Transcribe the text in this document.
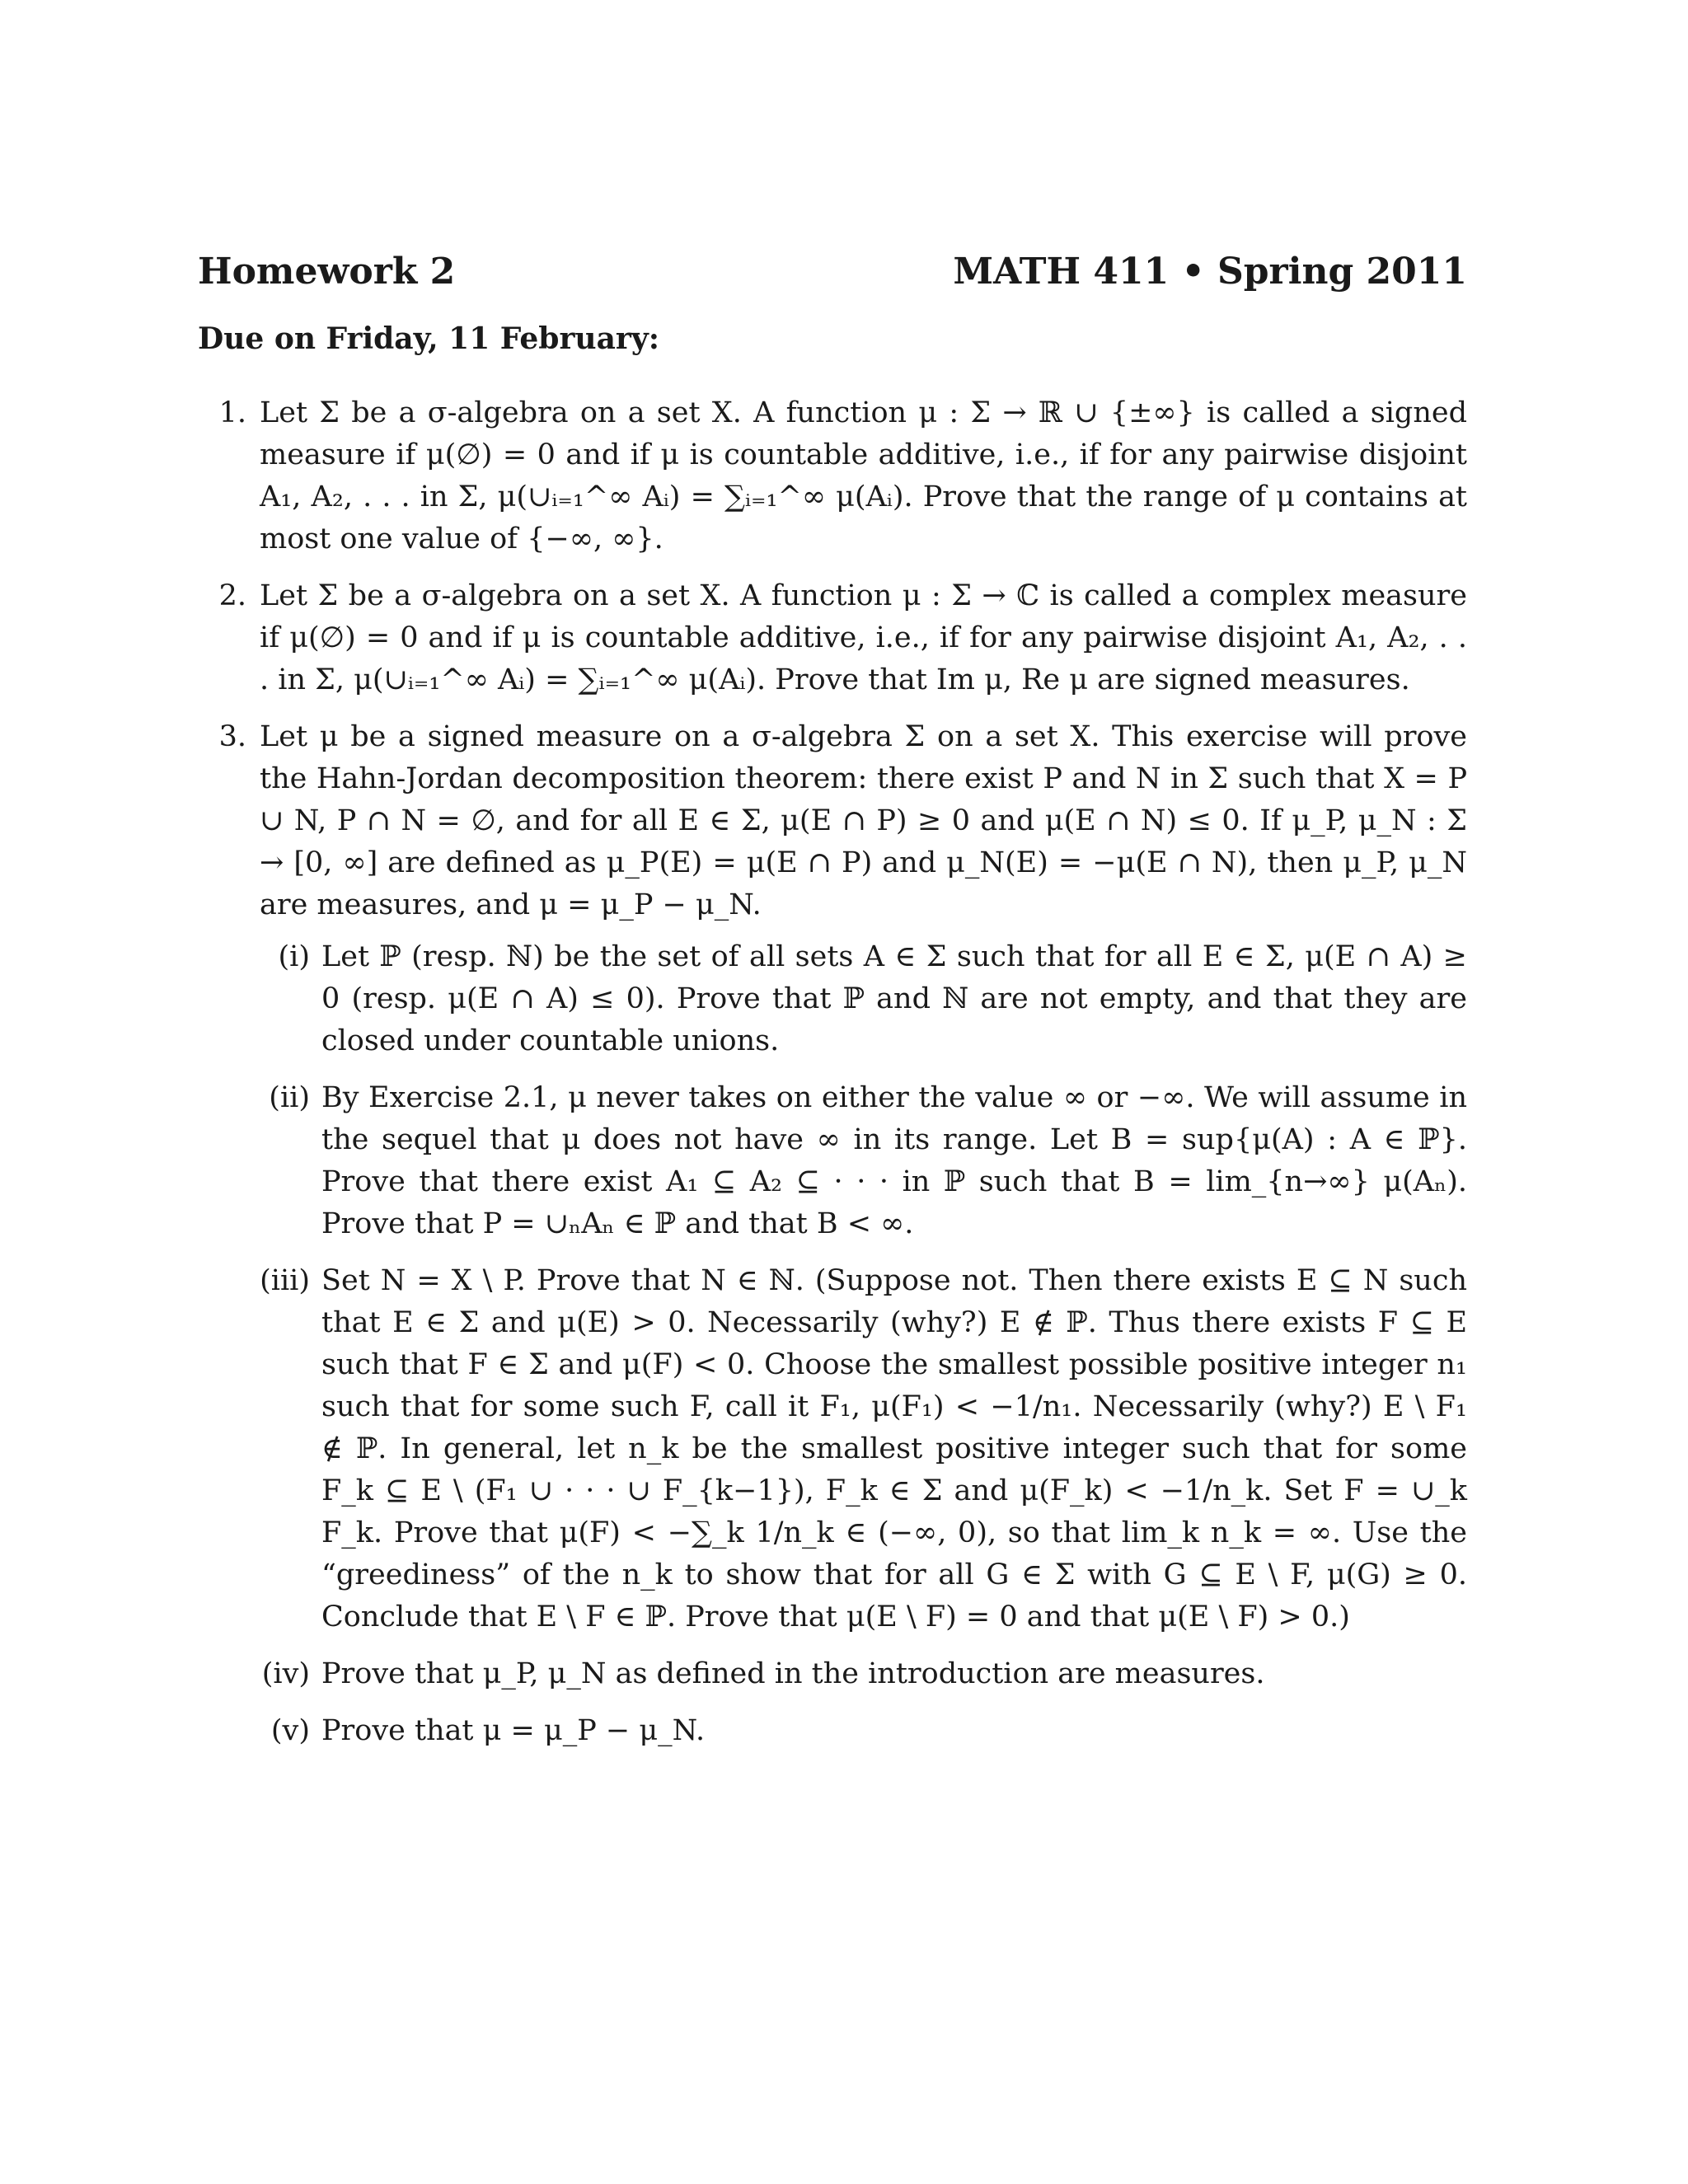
Homework 2	MATH 411 • Spring 2011
Due on Friday, 11 February:
1. Let Σ be a σ-algebra on a set X. A function μ : Σ → ℝ ∪ {±∞} is called a signed measure if μ(∅) = 0 and if μ is countable additive, i.e., if for any pairwise disjoint A₁, A₂, . . . in Σ, μ(∪ᵢ₌₁^∞ Aᵢ) = ∑ᵢ₌₁^∞ μ(Aᵢ). Prove that the range of μ contains at most one value of {−∞, ∞}.
2. Let Σ be a σ-algebra on a set X. A function μ : Σ → ℂ is called a complex measure if μ(∅) = 0 and if μ is countable additive, i.e., if for any pairwise disjoint A₁, A₂, . . . in Σ, μ(∪ᵢ₌₁^∞ Aᵢ) = ∑ᵢ₌₁^∞ μ(Aᵢ). Prove that Im μ, Re μ are signed measures.
3. Let μ be a signed measure on a σ-algebra Σ on a set X. This exercise will prove the Hahn-Jordan decomposition theorem: there exist P and N in Σ such that X = P ∪ N, P ∩ N = ∅, and for all E ∈ Σ, μ(E ∩ P) ≥ 0 and μ(E ∩ N) ≤ 0. If μ_P, μ_N : Σ → [0, ∞] are defined as μ_P(E) = μ(E ∩ P) and μ_N(E) = −μ(E ∩ N), then μ_P, μ_N are measures, and μ = μ_P − μ_N.
(i) Let ℙ (resp. ℕ) be the set of all sets A ∈ Σ such that for all E ∈ Σ, μ(E ∩ A) ≥ 0 (resp. μ(E ∩ A) ≤ 0). Prove that ℙ and ℕ are not empty, and that they are closed under countable unions.
(ii) By Exercise 2.1, μ never takes on either the value ∞ or −∞. We will assume in the sequel that μ does not have ∞ in its range. Let B = sup{μ(A) : A ∈ ℙ}. Prove that there exist A₁ ⊆ A₂ ⊆ · · · in ℙ such that B = lim_{n→∞} μ(Aₙ). Prove that P = ∪ₙAₙ ∈ ℙ and that B < ∞.
(iii) Set N = X \ P. Prove that N ∈ ℕ. (Suppose not. Then there exists E ⊆ N such that E ∈ Σ and μ(E) > 0. Necessarily (why?) E ∉ ℙ. Thus there exists F ⊆ E such that F ∈ Σ and μ(F) < 0. Choose the smallest possible positive integer n₁ such that for some such F, call it F₁, μ(F₁) < −1/n₁. Necessarily (why?) E \ F₁ ∉ ℙ. In general, let n_k be the smallest positive integer such that for some F_k ⊆ E \ (F₁ ∪ · · · ∪ F_{k−1}), F_k ∈ Σ and μ(F_k) < −1/n_k. Set F = ∪_k F_k. Prove that μ(F) < −∑_k 1/n_k ∈ (−∞, 0), so that lim_k n_k = ∞. Use the “greediness” of the n_k to show that for all G ∈ Σ with G ⊆ E \ F, μ(G) ≥ 0. Conclude that E \ F ∈ ℙ. Prove that μ(E \ F) = 0 and that μ(E \ F) > 0.)
(iv) Prove that μ_P, μ_N as defined in the introduction are measures.
(v) Prove that μ = μ_P − μ_N.
